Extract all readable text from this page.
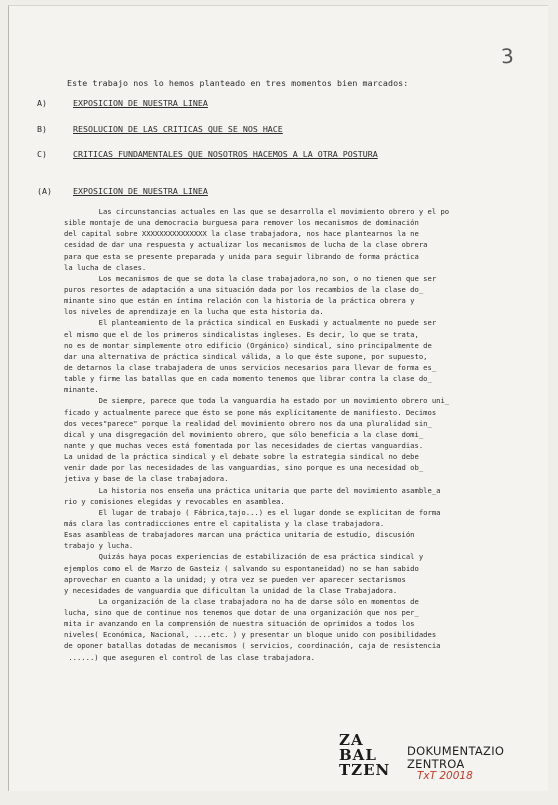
3
Este trabajo nos lo hemos planteado en tres momentos bien marcados:
A)	EXPOSICION DE NUESTRA LINEA
B)	RESOLUCION DE LAS CRITICAS QUE SE NOS HACE
C)	CRITICAS FUNDAMENTALES QUE NOSOTROS HACEMOS A LA OTRA POSTURA
(A)	EXPOSICION DE NUESTRA LINEA
Las circunstancias actuales en las que se desarrolla el movimiento obrero y el po
sible montaje de una democracia burguesa para remover los mecanismos de dominación
del capital sobre XXXXXXXXXXXXXXX la clase trabajadora, nos hace plantearnos la ne
cesidad de dar una respuesta y actualizar los mecanismos de lucha de la clase obrera
para que esta se presente preparada y unida para seguir librando de forma práctica
la lucha de clases.
Los mecanismos de que se dota la clase trabajadora,no son, o no tienen que ser
puros resortes de adaptación a una situación dada por los recambios de la clase do_
minante sino que están en íntima relación con la historia de la práctica obrera y
los niveles de aprendizaje en la lucha que esta historia da.
El planteamiento de la práctica sindical en Euskadi y actualmente no puede ser
el mismo que el de los primeros sindicalistas ingleses. Es decir, lo que se trata,
no es de montar simplemente otro edificio (Orgánico) sindical, sino principalmente de
dar una alternativa de práctica sindical válida, a lo que éste supone, por supuesto,
de detarnos la clase trabajadera de unos servicios necesarios para llevar de forma es_
table y firme las batallas que en cada momento tenemos que librar contra la clase do_
minante.
De siempre, parece que toda la vanguardia ha estado por un movimiento obrero uni_
ficado y actualmente parece que ésto se pone más explícitamente de manifiesto. Decimos
dos veces"parece" porque la realidad del movimiento obrero nos da una pluralidad sin_
dical y una disgregación del movimiento obrero, que sólo beneficia a la clase domi_
nante y que muchas veces está fomentada por las necesidades de ciertas vanguardias.
La unidad de la práctica sindical y el debate sobre la estrategia sindical no debe
venir dade por las necesidades de las vanguardias, sino porque es una necesidad ob_
jetiva y base de la clase trabajadora.
La historia nos enseña una práctica unitaria que parte del movimiento asamble_a
rio y comisiones elegidas y revocables en asamblea.
El lugar de trabajo ( Fábrica,tajo...) es el lugar donde se explicitan de forma
más clara las contradicciones entre el capitalista y la clase trabajadora.
Esas asambleas de trabajadores marcan una práctica unitaria de estudio, discusión
trabajo y lucha.
Quizás haya pocas experiencias de estabilización de esa práctica sindical y
ejemplos como el de Marzo de Gasteiz ( salvando su espontaneidad) no se han sabido
aprovechar en cuanto a la unidad; y otra vez se pueden ver aparecer sectarismos
y necesidades de vanguardia que dificultan la unidad de la Clase Trabajadora.
La organización de la clase trabajadora no ha de darse sólo en momentos de
lucha, sino que de continue nos tenemos que dotar de una organización que nos per_
mita ir avanzando en la comprensión de nuestra situación de oprimidos a todos los
niveles( Económica, Nacional, ....etc. ) y presentar un bloque unido con posibilidades
de oponer batallas dotadas de mecanismos ( servicios, coordinación, caja de resistencia
......) que aseguren el control de las clase trabajadora.
ZA
BAL
TZEN
DOKUMENTAZIO
ZENTROA
TxT 20018
